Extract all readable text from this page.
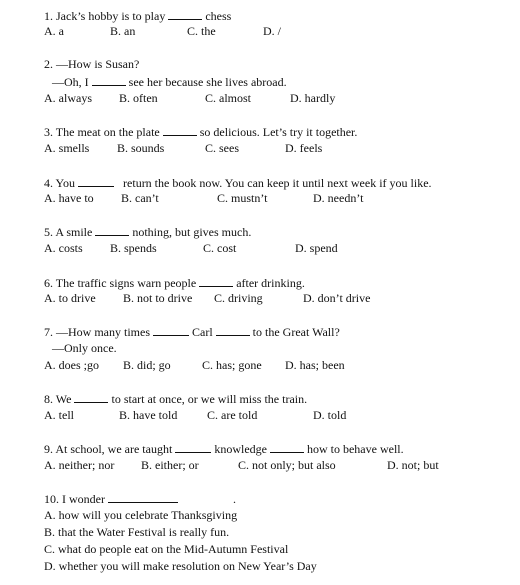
1. Jack’s hobby is to play	chess
A. a	B. an	C. the	D. /
2. —How is Susan?
—Oh, I	see her because she lives abroad.
A. always B. often	C. almost	D. hardly
3. The meat on the plate	so delicious. Let’s try it together.
A. smells B. sounds	C. sees	D. feels
4. You	return the book now. You can keep it until next week if you like.
A. have to B. can’t	C. mustn’t	D. needn’t
5. A smile	nothing, but gives much.
A. costs B. spends	C. cost	D. spend
6. The traffic signs warn people	after drinking.
A. to drive B. not to drive C. driving	D. don’t drive
7. —How many times	Carl	to the Great Wall?
—Only once.
A. does ;go B. did; go	C. has; gone D. has; been
8. We	to start at once, or we will miss the train.
A. tell	B. have told C. are told	D. told
9. At school, we are taught	knowledge	how to behave well.
A. neither; nor B. either; or	C. not only; but also	D. not; but
10. I wonder	.
A. how will you celebrate Thanksgiving
B. that the Water Festival is really fun.
C. what do people eat on the Mid-Autumn Festival
D. whether you will make resolution on New Year’s Day
